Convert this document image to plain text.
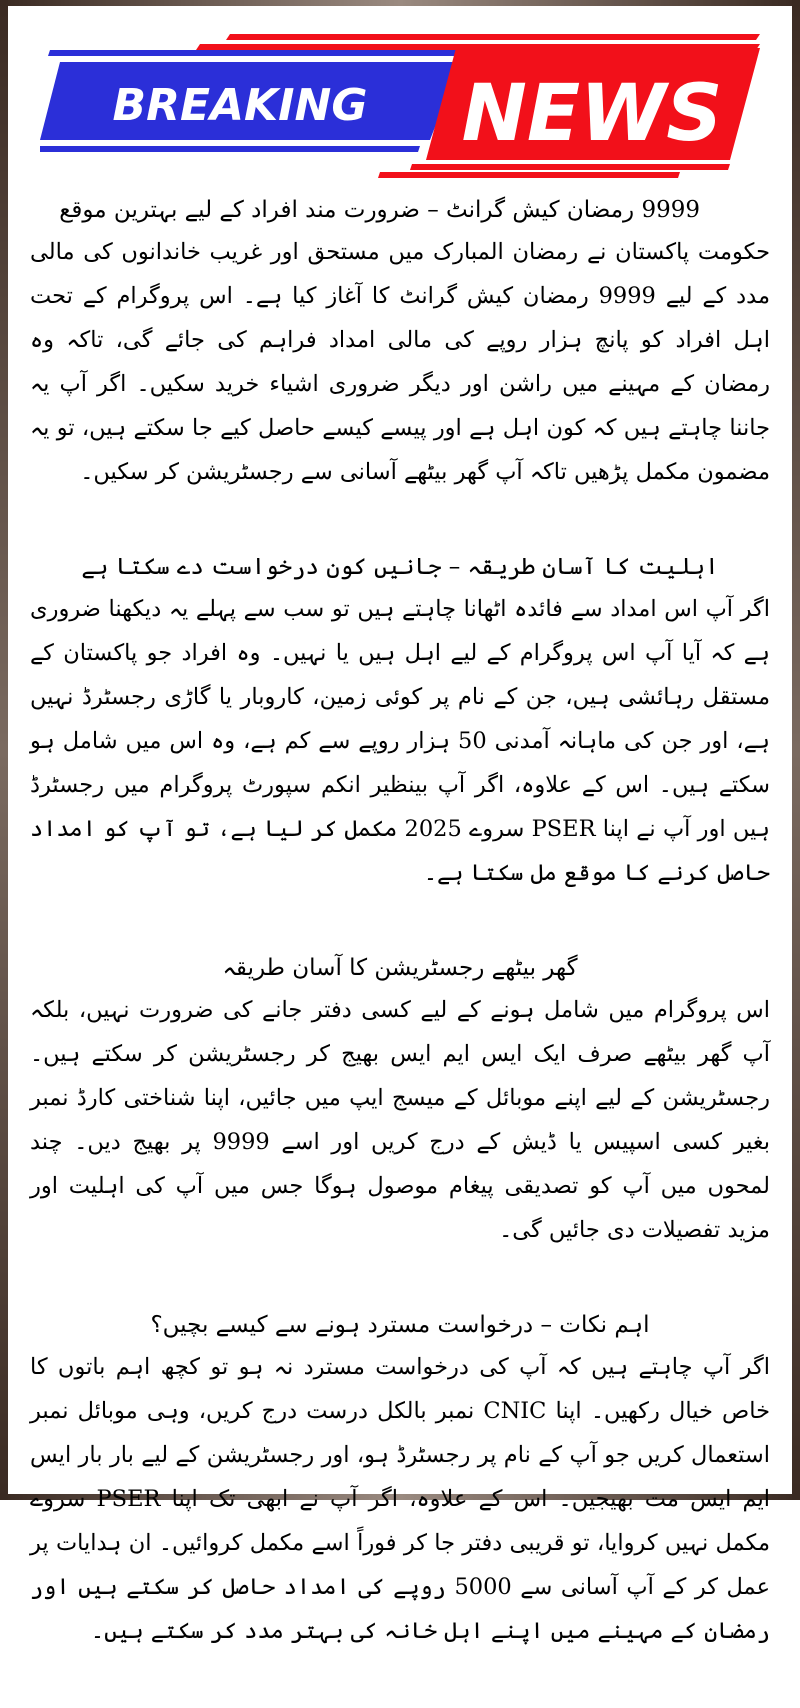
BREAKING NEWS
9999 رمضان کیش گرانٹ – ضرورت مند افراد کے لیے بہترین موقع

حکومت پاکستان نے رمضان المبارک میں مستحق اور غریب خاندانوں کی مالی مدد کے لیے 9999 رمضان کیش گرانٹ کا آغاز کیا ہے۔ اس پروگرام کے تحت اہل افراد کو پانچ ہزار روپے کی مالی امداد فراہم کی جائے گی، تاکہ وہ رمضان کے مہینے میں راشن اور دیگر ضروری اشیاء خرید سکیں۔ اگر آپ یہ جاننا چاہتے ہیں کہ کون اہل ہے اور پیسے کیسے حاصل کیے جا سکتے ہیں، تو یہ مضمون مکمل پڑھیں تاکہ آپ گھر بیٹھے آسانی سے رجسٹریشن کر سکیں۔

اہلیت کا آسان طریقہ – جانیں کون درخواست دے سکتا ہے

اگر آپ اس امداد سے فائدہ اٹھانا چاہتے ہیں تو سب سے پہلے یہ دیکھنا ضروری ہے کہ آیا آپ اس پروگرام کے لیے اہل ہیں یا نہیں۔ وہ افراد جو پاکستان کے مستقل رہائشی ہیں، جن کے نام پر کوئی زمین، کاروبار یا گاڑی رجسٹرڈ نہیں ہے، اور جن کی ماہانہ آمدنی 50 ہزار روپے سے کم ہے، وہ اس میں شامل ہو سکتے ہیں۔ اس کے علاوہ، اگر آپ بینظیر انکم سپورٹ پروگرام میں رجسٹرڈ ہیں اور آپ نے اپنا PSER سروے 2025 مکمل کر لیا ہے، تو آپ کو امداد حاصل کرنے کا موقع مل سکتا ہے۔

گھر بیٹھے رجسٹریشن کا آسان طریقہ

اس پروگرام میں شامل ہونے کے لیے کسی دفتر جانے کی ضرورت نہیں، بلکہ آپ گھر بیٹھے صرف ایک ایس ایم ایس بھیج کر رجسٹریشن کر سکتے ہیں۔ رجسٹریشن کے لیے اپنے موبائل کے میسج ایپ میں جائیں، اپنا شناختی کارڈ نمبر بغیر کسی اسپیس یا ڈیش کے درج کریں اور اسے 9999 پر بھیج دیں۔ چند لمحوں میں آپ کو تصدیقی پیغام موصول ہوگا جس میں آپ کی اہلیت اور مزید تفصیلات دی جائیں گی۔

اہم نکات – درخواست مسترد ہونے سے کیسے بچیں؟

اگر آپ چاہتے ہیں کہ آپ کی درخواست مسترد نہ ہو تو کچھ اہم باتوں کا خاص خیال رکھیں۔ اپنا CNIC نمبر بالکل درست درج کریں، وہی موبائل نمبر استعمال کریں جو آپ کے نام پر رجسٹرڈ ہو، اور رجسٹریشن کے لیے بار بار ایس ایم ایس مت بھیجیں۔ اس کے علاوہ، اگر آپ نے ابھی تک اپنا PSER سروے مکمل نہیں کروایا، تو قریبی دفتر جا کر فوراً اسے مکمل کروائیں۔ ان ہدایات پر عمل کر کے آپ آسانی سے 5000 روپے کی امداد حاصل کر سکتے ہیں اور رمضان کے مہینے میں اپنے اہل خانہ کی بہتر مدد کر سکتے ہیں۔
